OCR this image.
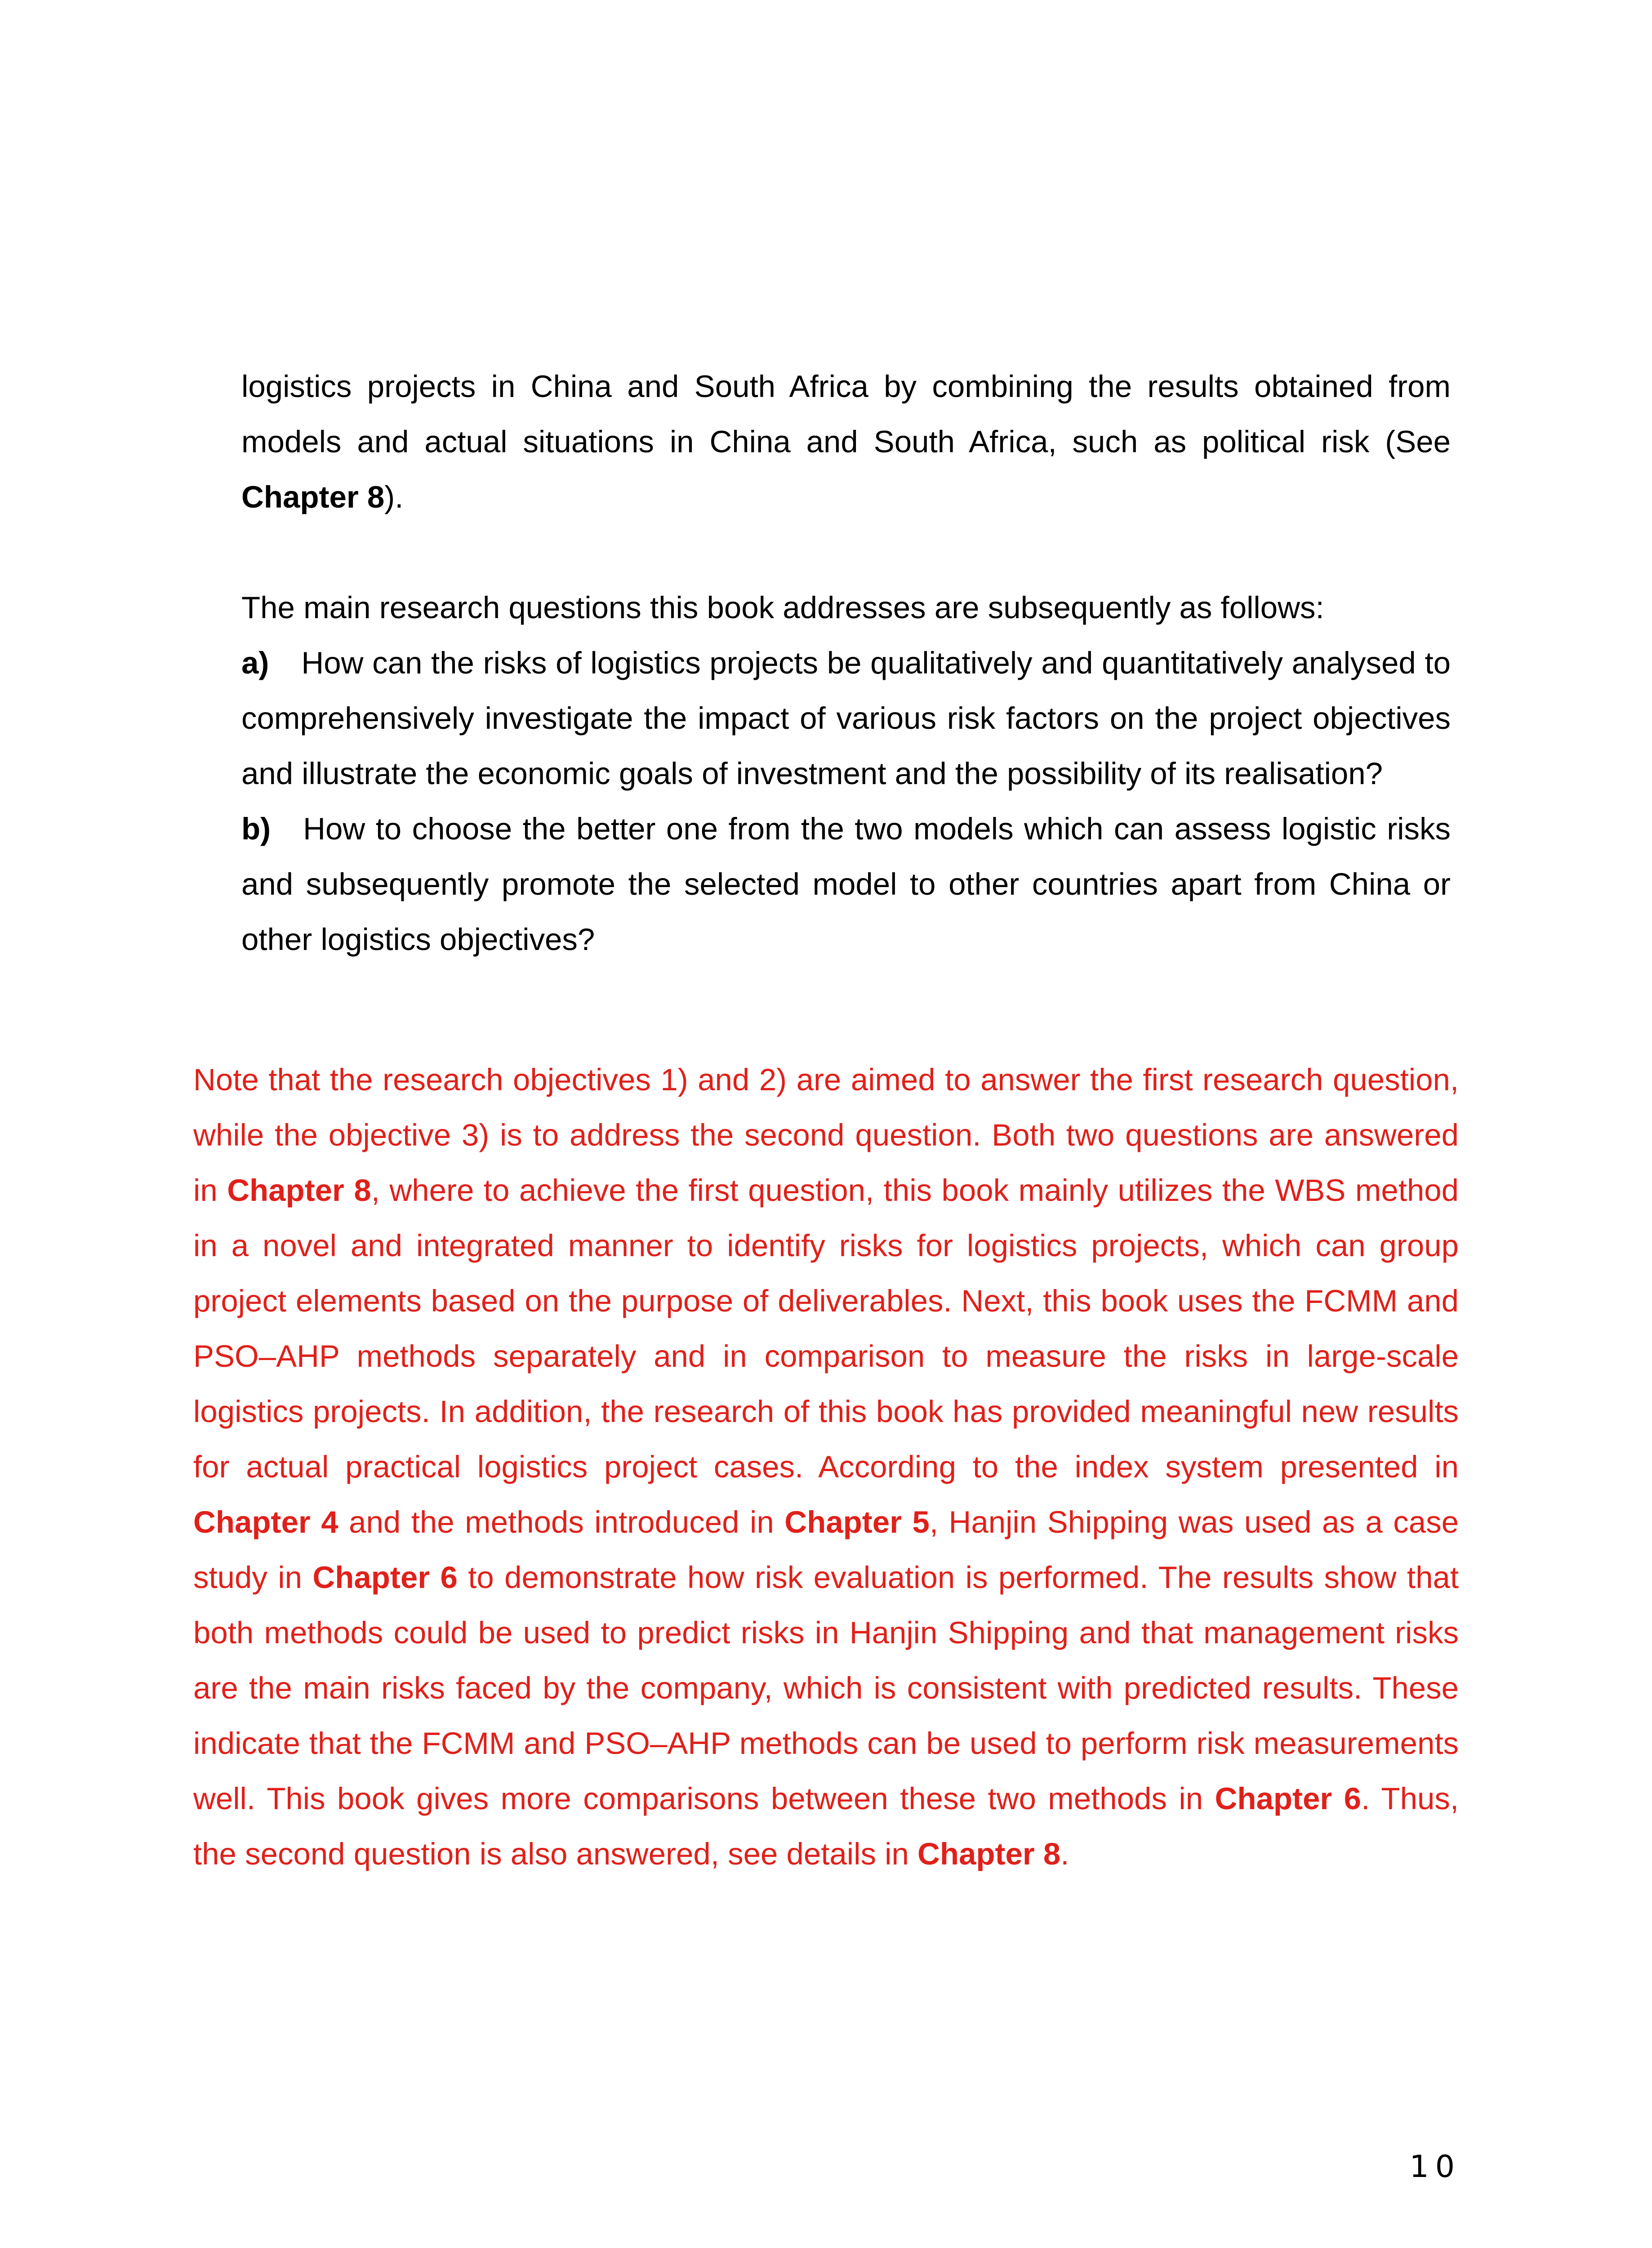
logistics projects in China and South Africa by combining the results obtained from models and actual situations in China and South Africa, such as political risk (See Chapter 8).

The main research questions this book addresses are subsequently as follows:

a) How can the risks of logistics projects be qualitatively and quantitatively analysed to comprehensively investigate the impact of various risk factors on the project objectives and illustrate the economic goals of investment and the possibility of its realisation?

b) How to choose the better one from the two models which can assess logistic risks and subsequently promote the selected model to other countries apart from China or other logistics objectives?

Note that the research objectives 1) and 2) are aimed to answer the first research question, while the objective 3) is to address the second question. Both two questions are answered in Chapter 8, where to achieve the first question, this book mainly utilizes the WBS method in a novel and integrated manner to identify risks for logistics projects, which can group project elements based on the purpose of deliverables. Next, this book uses the FCMM and PSO–AHP methods separately and in comparison to measure the risks in large-scale logistics projects. In addition, the research of this book has provided meaningful new results for actual practical logistics project cases. According to the index system presented in Chapter 4 and the methods introduced in Chapter 5, Hanjin Shipping was used as a case study in Chapter 6 to demonstrate how risk evaluation is performed. The results show that both methods could be used to predict risks in Hanjin Shipping and that management risks are the main risks faced by the company, which is consistent with predicted results. These indicate that the FCMM and PSO–AHP methods can be used to perform risk measurements well. This book gives more comparisons between these two methods in Chapter 6. Thus, the second question is also answered, see details in Chapter 8.

10
